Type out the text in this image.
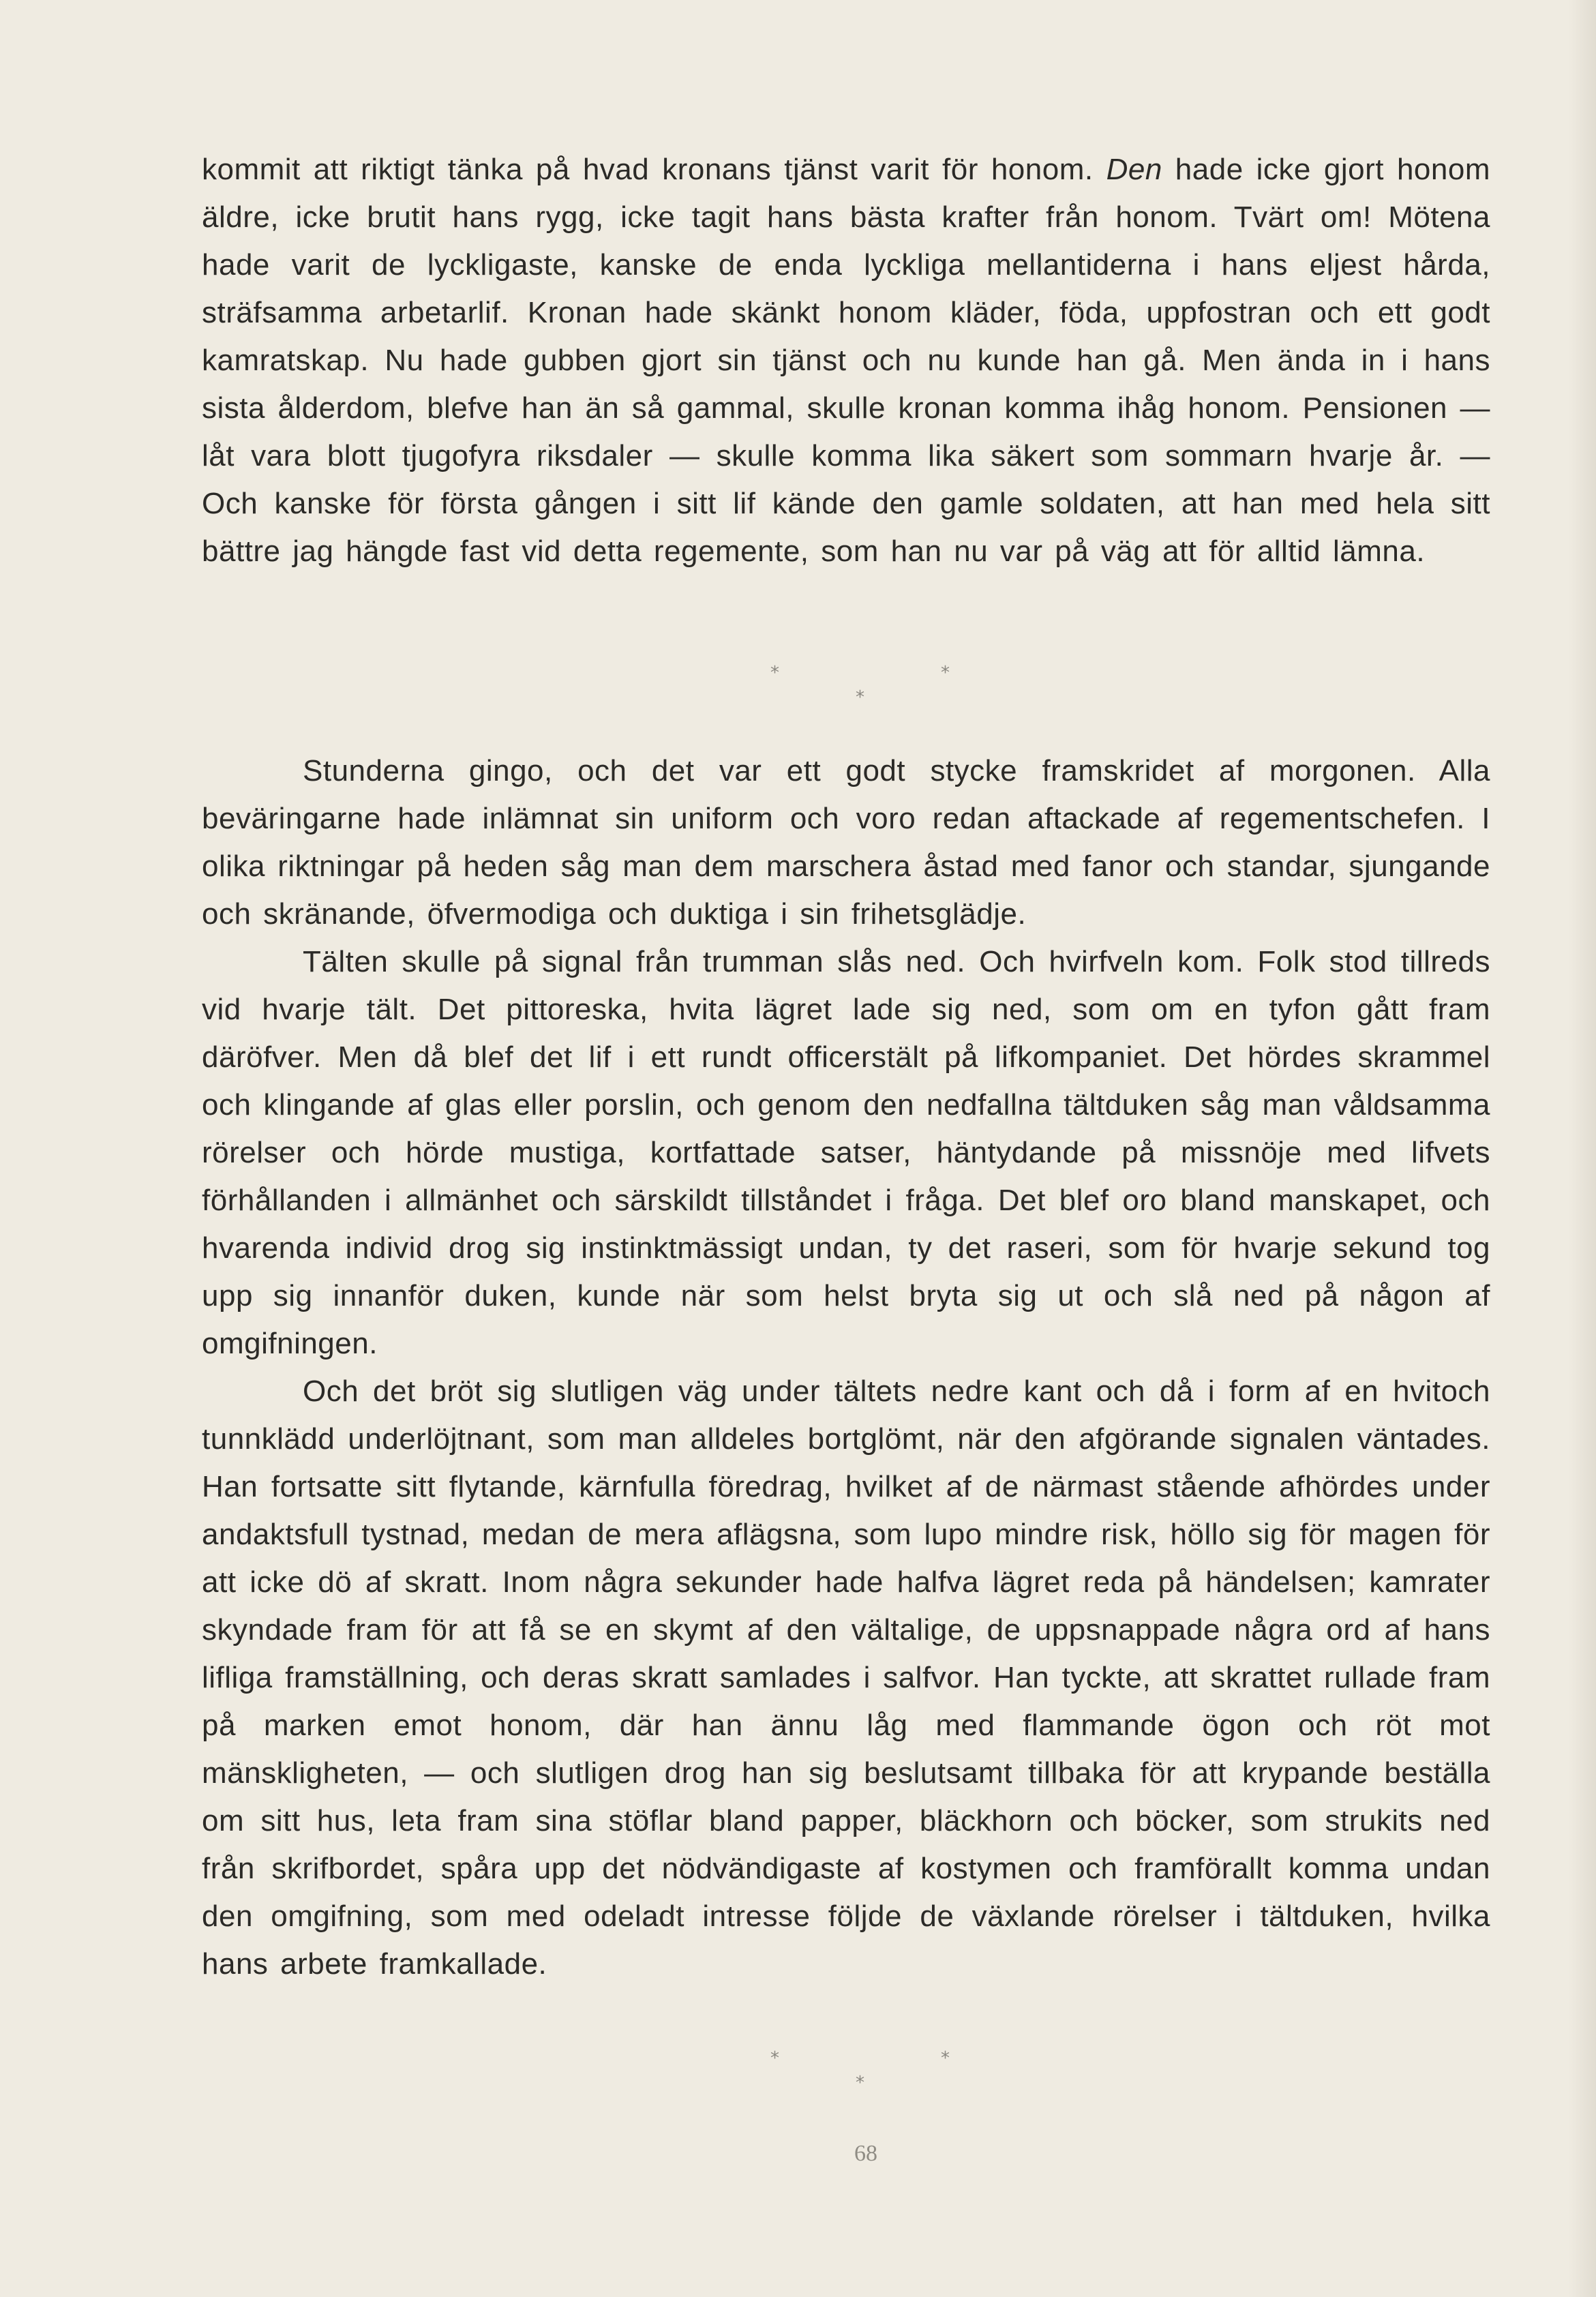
kommit att riktigt tänka på hvad kronans tjänst varit för honom. Den hade icke gjort honom äldre, icke brutit hans rygg, icke tagit hans bästa krafter från honom. Tvärt om! Mötena hade varit de lyckligaste, kanske de enda lyckliga mellantiderna i hans eljest hårda, sträfsamma arbetarlif. Kronan hade skänkt honom kläder, föda, uppfostran och ett godt kamratskap. Nu hade gubben gjort sin tjänst och nu kunde han gå. Men ända in i hans sista ålderdom, blefve han än så gammal, skulle kronan komma ihåg honom. Pensionen — låt vara blott tjugofyra riksdaler — skulle komma lika säkert som sommarn hvarje år. — Och kanske för första gången i sitt lif kände den gamle soldaten, att han med hela sitt bättre jag hängde fast vid detta regemente, som han nu var på väg att för alltid lämna.

*	*
*

Stunderna gingo, och det var ett godt stycke framskridet af morgonen. Alla beväringarne hade inlämnat sin uniform och voro redan aftackade af regementschefen. I olika riktningar på heden såg man dem marschera åstad med fanor och standar, sjungande och skränande, öfvermodiga och duktiga i sin frihetsglädje.

Tälten skulle på signal från trumman slås ned. Och hvirfveln kom. Folk stod tillreds vid hvarje tält. Det pittoreska, hvita lägret lade sig ned, som om en tyfon gått fram däröfver. Men då blef det lif i ett rundt officerstält på lifkompaniet. Det hördes skrammel och klingande af glas eller porslin, och genom den nedfallna tältduken såg man våldsamma rörelser och hörde mustiga, kortfattade satser, häntydande på missnöje med lifvets förhållanden i allmänhet och särskildt tillståndet i fråga. Det blef oro bland manskapet, och hvarenda individ drog sig instinktmässigt undan, ty det raseri, som för hvarje sekund tog upp sig innanför duken, kunde när som helst bryta sig ut och slå ned på någon af omgifningen.

Och det bröt sig slutligen väg under tältets nedre kant och då i form af en hvitoch tunnklädd underlöjtnant, som man alldeles bortglömt, när den afgörande signalen väntades. Han fortsatte sitt flytande, kärnfulla föredrag, hvilket af de närmast stående afhördes under andaktsfull tystnad, medan de mera aflägsna, som lupo mindre risk, höllo sig för magen för att icke dö af skratt. Inom några sekunder hade halfva lägret reda på händelsen; kamrater skyndade fram för att få se en skymt af den vältalige, de uppsnappade några ord af hans lifliga framställning, och deras skratt samlades i salfvor. Han tyckte, att skrattet rullade fram på marken emot honom, där han ännu låg med flammande ögon och röt mot mänskligheten, — och slutligen drog han sig beslutsamt tillbaka för att krypande beställa om sitt hus, leta fram sina stöflar bland papper, bläckhorn och böcker, som strukits ned från skrifbordet, spåra upp det nödvändigaste af kostymen och framförallt komma undan den omgifning, som med odeladt intresse följde de växlande rörelser i tältduken, hvilka hans arbete framkallade.

*	*
*
68
